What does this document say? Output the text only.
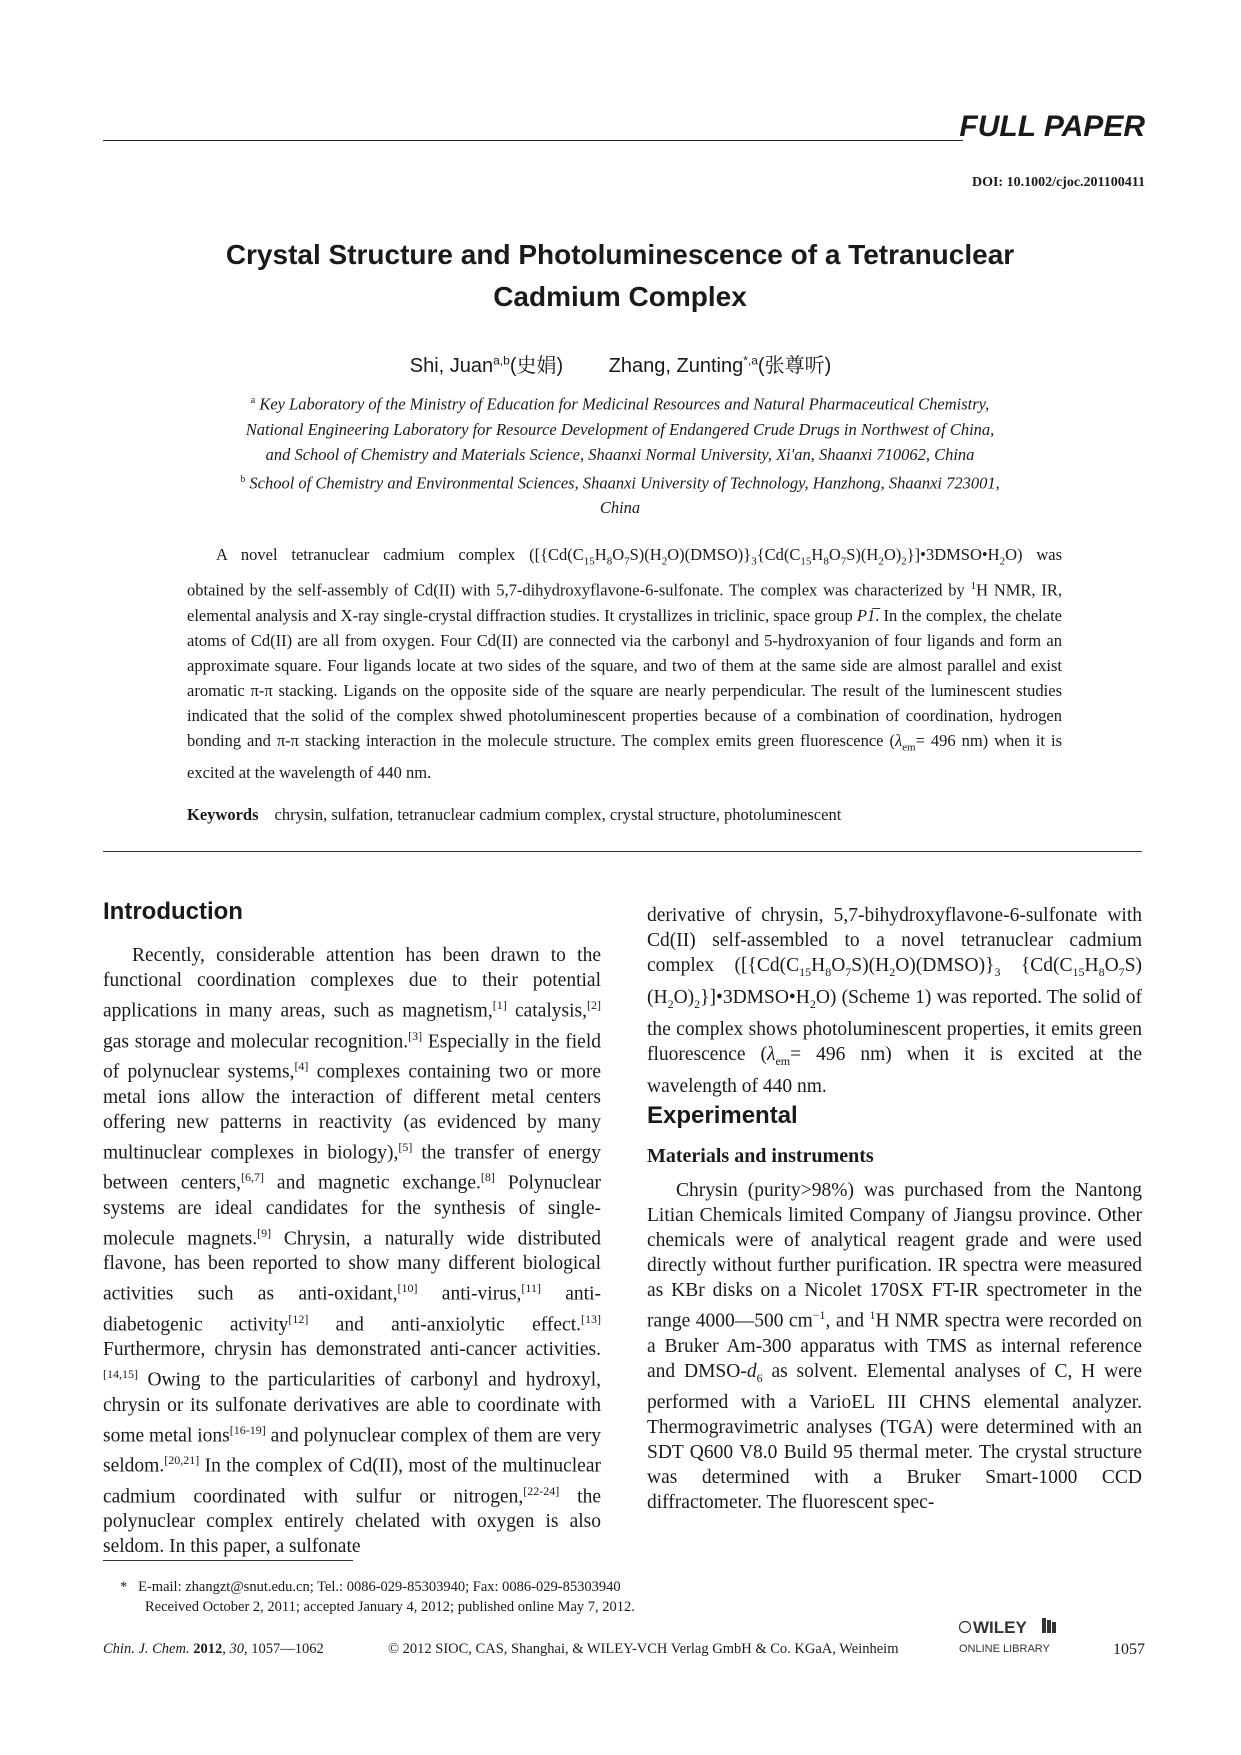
FULL PAPER
DOI: 10.1002/cjoc.201100411
Crystal Structure and Photoluminescence of a Tetranuclear
Cadmium Complex
Shi, Juan$^{a,b}$(史娟) Zhang, Zunting$^{*,a}$(张尊听)
$^a$ Key Laboratory of the Ministry of Education for Medicinal Resources and Natural Pharmaceutical Chemistry,
National Engineering Laboratory for Resource Development of Endangered Crude Drugs in Northwest of China,
and School of Chemistry and Materials Science, Shaanxi Normal University, Xi'an, Shaanxi 710062, China
$^b$ School of Chemistry and Environmental Sciences, Shaanxi University of Technology, Hanzhong, Shaanxi 723001,
China

A novel tetranuclear cadmium complex $([\{Cd(C_{15}H_8O_7S)(H_2O)(DMSO)\}_3\{Cd(C_{15}H_8O_7S)(H_2O)_2\}]•3DMSO•H_2O)$ was obtained by the self-assembly of Cd(II) with 5,7-dihydroxyflavone-6-sulfonate. The complex was characterized by $^1$H NMR, IR, elemental analysis and X-ray single-crystal diffraction studies. It crystallizes in triclinic, space group P1̅. In the complex, the chelate atoms of Cd(II) are all from oxygen. Four Cd(II) are connected via the carbonyl and 5-hydroxyanion of four ligands and form an approximate square. Four ligands locate at two sides of the square, and two of them at the same side are almost parallel and exist aromatic π-π stacking. Ligands on the opposite side of the square are nearly perpendicular. The result of the luminescent studies indicated that the solid of the complex shwed photoluminescent properties because of a combination of coordination, hydrogen bonding and π-π stacking interaction in the molecule structure. The complex emits green fluorescence ($\lambda_{em}= 496$ nm) when it is excited at the wavelength of 440 nm.

Keywords chrysin, sulfation, tetranuclear cadmium complex, crystal structure, photoluminescent
Introduction

Recently, considerable attention has been drawn to the functional coordination complexes due to their potential applications in many areas, such as magnetism,[1] catalysis,[2] gas storage and molecular recognition.[3] Especially in the field of polynuclear systems,[4] complexes containing two or more metal ions allow the interaction of different metal centers offering new patterns in reactivity (as evidenced by many multinuclear complexes in biology),[5] the transfer of energy between centers,[6,7] and magnetic exchange.[8] Polynuclear systems are ideal candidates for the synthesis of single-molecule magnets.[9] Chrysin, a naturally wide distributed flavone, has been reported to show many different biological activities such as anti-oxidant,[10] anti-virus,[11] anti-diabetogenic activity[12] and anti-anxiolytic effect.[13] Furthermore, chrysin has demonstrated anti-cancer activities.[14,15] Owing to the particularities of carbonyl and hydroxyl, chrysin or its sulfonate derivatives are able to coordinate with some metal ions[16-19] and polynuclear complex of them are very seldom.[20,21] In the complex of Cd(II), most of the multinuclear cadmium coordinated with sulfur or nitrogen,[22-24] the polynuclear complex entirely chelated with oxygen is also seldom. In this paper, a sulfonate

derivative of chrysin, 5,7-bihydroxyflavone-6-sulfonate with Cd(II) self-assembled to a novel tetranuclear cadmium complex ([$\{Cd(C_{15}H_8O_7S)(H_2O)(DMSO)\}_3$ $\{Cd(C_{15}H_8O_7S)(H_2O)_2\}]•3DMSO•H_2O$) (Scheme 1) was reported. The solid of the complex shows photoluminescent properties, it emits green fluorescence ($\lambda_{em}= 496$ nm) when it is excited at the wavelength of 440 nm.

Experimental
Materials and instruments

Chrysin (purity>98%) was purchased from the Nantong Litian Chemicals limited Company of Jiangsu province. Other chemicals were of analytical reagent grade and were used directly without further purification. IR spectra were measured as KBr disks on a Nicolet 170SX FT-IR spectrometer in the range 4000—500 $cm^{-1}$, and $^1$H NMR spectra were recorded on a Bruker Am-300 apparatus with TMS as internal reference and DMSO-$d_6$ as solvent. Elemental analyses of C, H were performed with a VarioEL III CHNS elemental analyzer. Thermogravimetric analyses (TGA) were determined with an SDT Q600 V8.0 Build 95 thermal meter. The crystal structure was determined with a Bruker Smart-1000 CCD diffractometer. The fluorescent spec-

* E-mail: zhangzt@snut.edu.cn; Tel.: 0086-029-85303940; Fax: 0086-029-85303940
Received October 2, 2011; accepted January 4, 2012; published online May 7, 2012.
Chin. J. Chem. 2012, 30, 1057—1062	© 2012 SIOC, CAS, Shanghai, & WILEY-VCH Verlag GmbH & Co. KGaA, Weinheim
WILEY
ONLINE LIBRARY	1057
